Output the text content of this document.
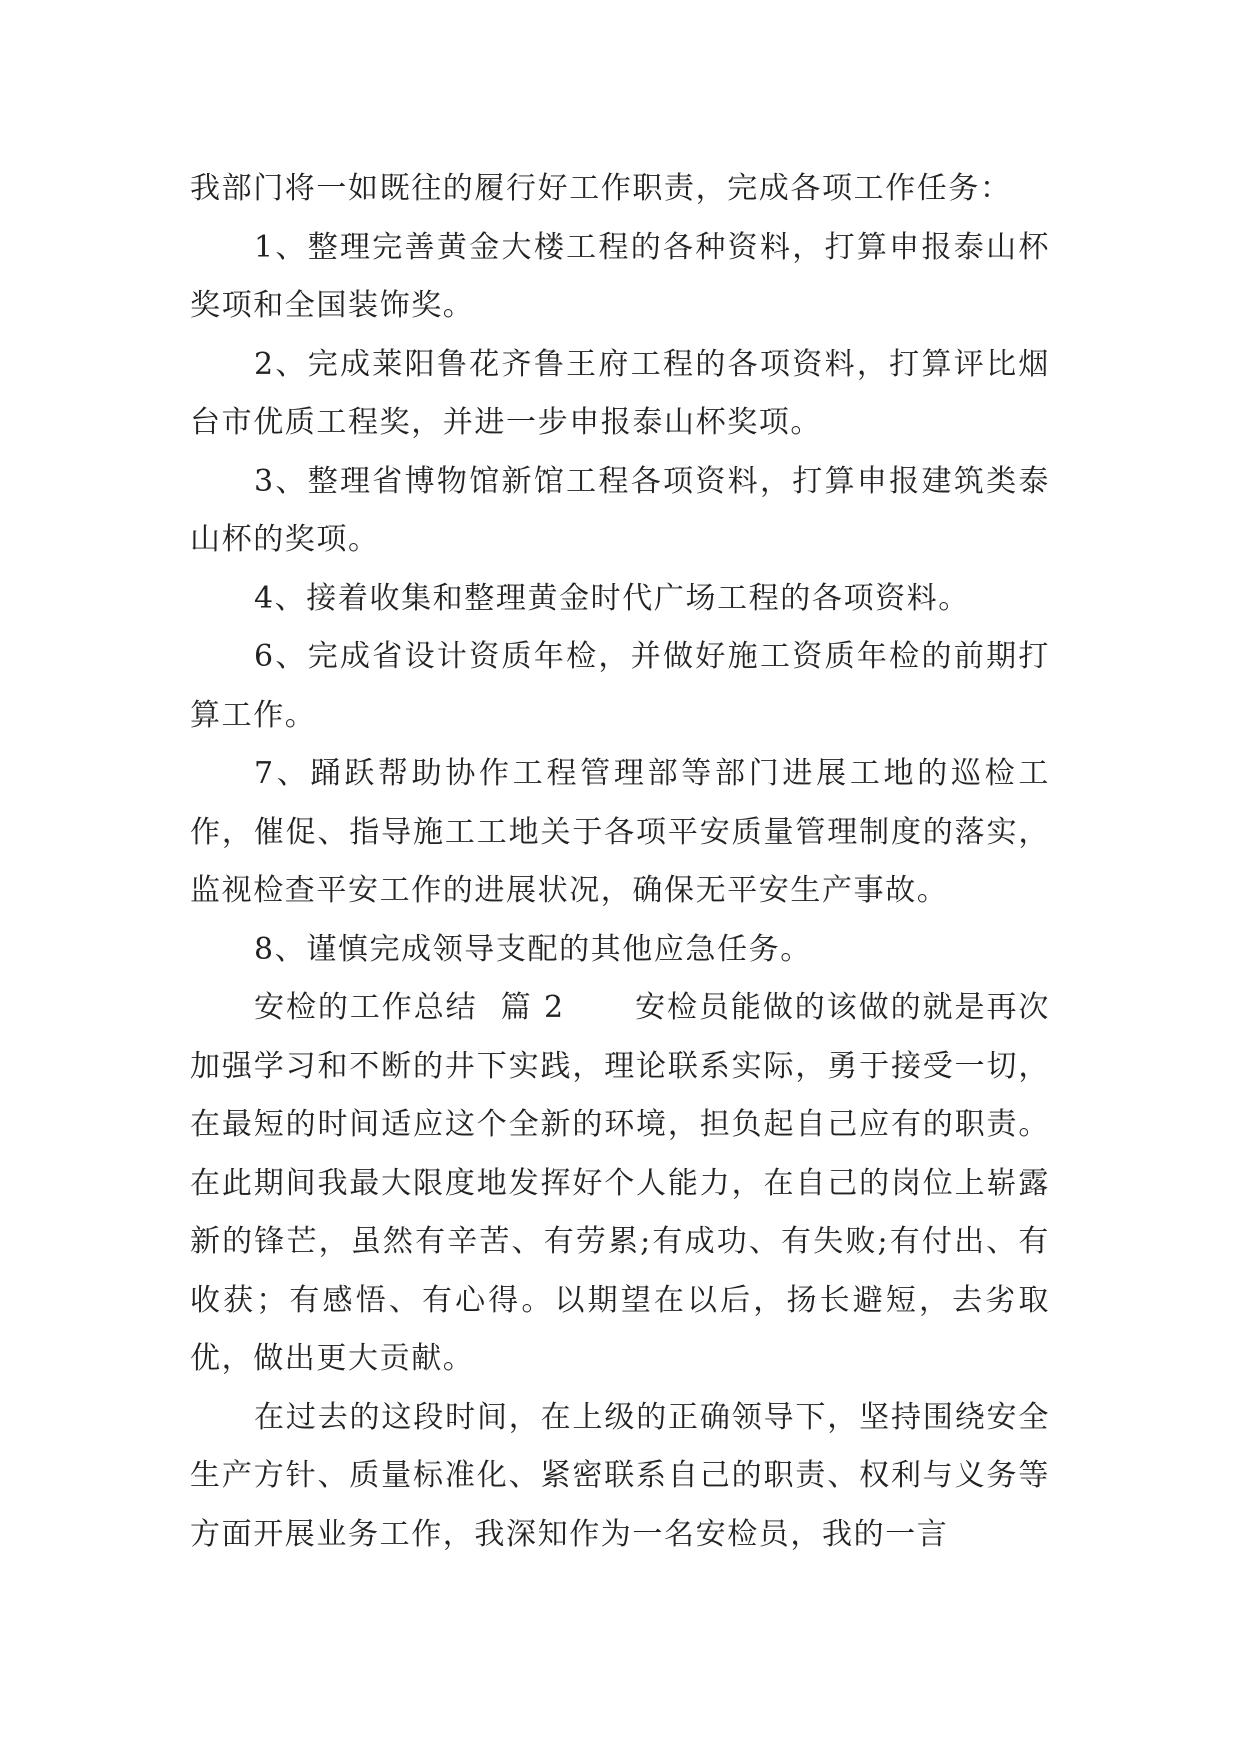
我部门将一如既往的履行好工作职责，完成各项工作任务：

1、整理完善黄金大楼工程的各种资料，打算申报泰山杯奖项和全国装饰奖。

2、完成莱阳鲁花齐鲁王府工程的各项资料，打算评比烟台市优质工程奖，并进一步申报泰山杯奖项。

3、整理省博物馆新馆工程各项资料，打算申报建筑类泰山杯的奖项。

4、接着收集和整理黄金时代广场工程的各项资料。

6、完成省设计资质年检，并做好施工资质年检的前期打算工作。

7、踊跃帮助协作工程管理部等部门进展工地的巡检工作，催促、指导施工工地关于各项平安质量管理制度的落实，监视检查平安工作的进展状况，确保无平安生产事故。

8、谨慎完成领导支配的其他应急任务。

安检的工作总结 篇 2 安检员能做的该做的就是再次加强学习和不断的井下实践，理论联系实际，勇于接受一切，在最短的时间适应这个全新的环境，担负起自己应有的职责。在此期间我最大限度地发挥好个人能力，在自己的岗位上崭露新的锋芒，虽然有辛苦、有劳累;有成功、有失败;有付出、有收获；有感悟、有心得。以期望在以后，扬长避短，去劣取优，做出更大贡献。

在过去的这段时间，在上级的正确领导下，坚持围绕安全生产方针、质量标准化、紧密联系自己的职责、权利与义务等方面开展业务工作，我深知作为一名安检员，我的一言
